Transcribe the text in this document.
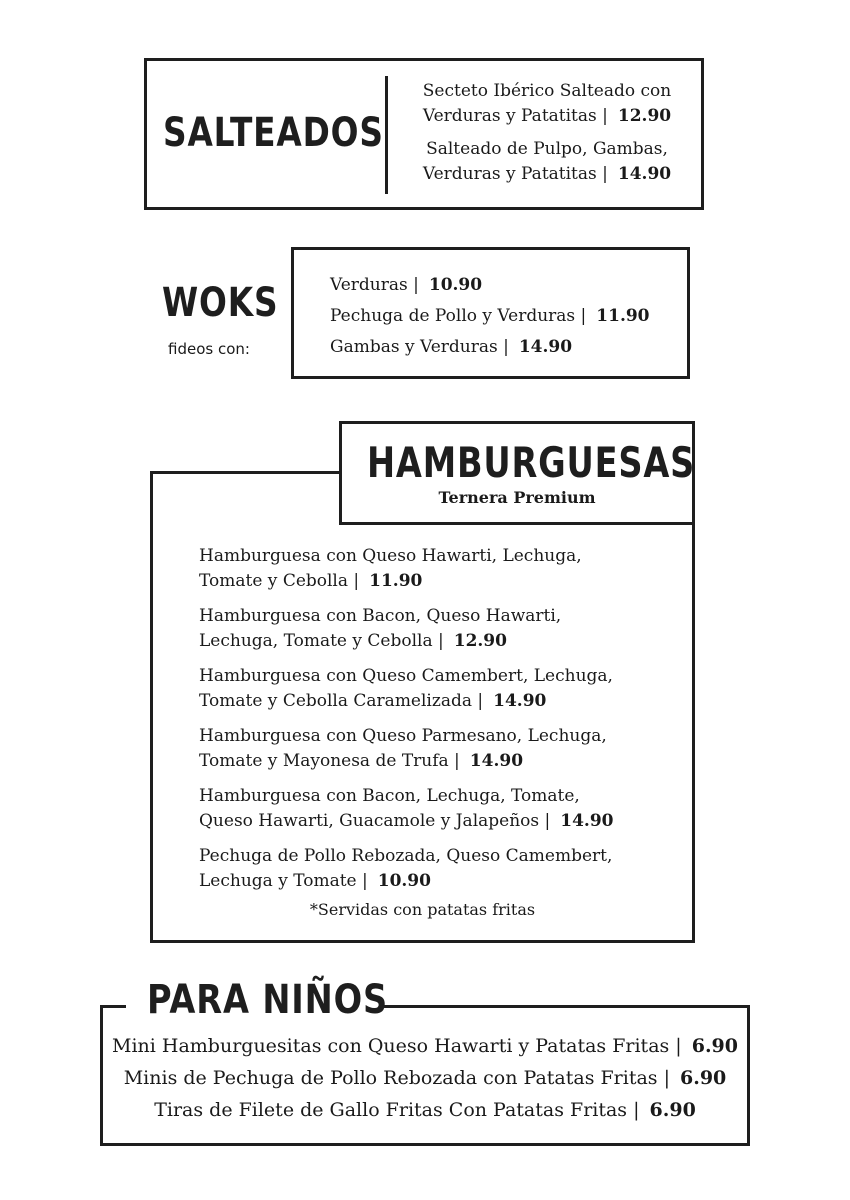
SALTEADOS
Secteto Ibérico Salteado con
Verduras y Patatitas | 12.90
Salteado de Pulpo, Gambas,
Verduras y Patatitas | 14.90
WOKS
fideos con:
Verduras | 10.90
Pechuga de Pollo y Verduras | 11.90
Gambas y Verduras | 14.90
HAMBURGUESAS
Ternera Premium
Hamburguesa con Queso Hawarti, Lechuga,
Tomate y Cebolla | 11.90
Hamburguesa con Bacon, Queso Hawarti,
Lechuga, Tomate y Cebolla | 12.90
Hamburguesa con Queso Camembert, Lechuga,
Tomate y Cebolla Caramelizada | 14.90
Hamburguesa con Queso Parmesano, Lechuga,
Tomate y Mayonesa de Trufa | 14.90
Hamburguesa con Bacon, Lechuga, Tomate,
Queso Hawarti, Guacamole y Jalapeños | 14.90
Pechuga de Pollo Rebozada, Queso Camembert,
Lechuga y Tomate | 10.90
*Servidas con patatas fritas
PARA NIÑOS
Mini Hamburguesitas con Queso Hawarti y Patatas Fritas | 6.90
Minis de Pechuga de Pollo Rebozada con Patatas Fritas | 6.90
Tiras de Filete de Gallo Fritas Con Patatas Fritas | 6.90
